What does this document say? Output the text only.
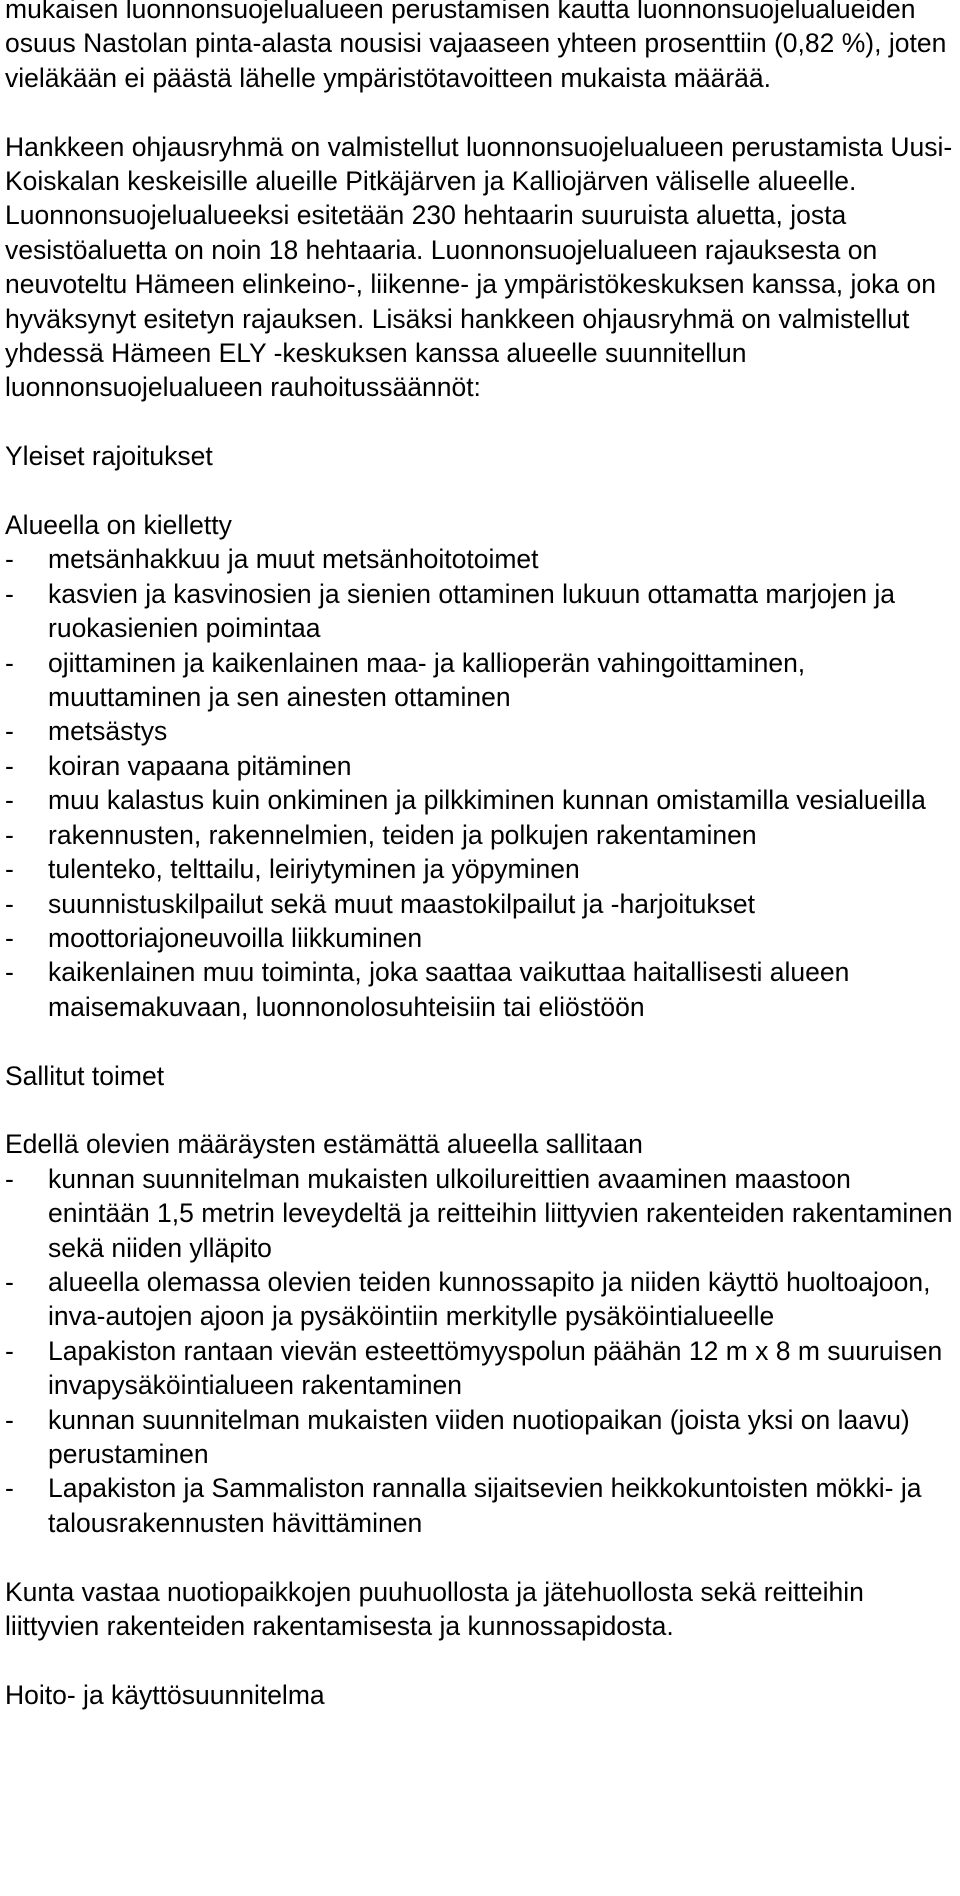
mukaisen luonnonsuojelualueen perustamisen kautta luonnonsuojelualueiden osuus Nastolan pinta-alasta nousisi vajaaseen yhteen prosenttiin (0,82 %), joten vieläkään ei päästä lähelle ympäristötavoitteen mukaista määrää.

Hankkeen ohjausryhmä on valmistellut luonnonsuojelualueen perustamista Uusi-Koiskalan keskeisille alueille Pitkäjärven ja Kalliojärven väliselle alueelle. Luonnonsuojelualueeksi esitetään 230 hehtaarin suuruista aluetta, josta vesistöaluetta on noin 18 hehtaaria. Luonnonsuojelualueen rajauksesta on neuvoteltu Hämeen elinkeino-, liikenne- ja ympäristökeskuksen kanssa, joka on hyväksynyt esitetyn rajauksen. Lisäksi hankkeen ohjausryhmä on valmistellut yhdessä Hämeen ELY -keskuksen kanssa alueelle suunnitellun luonnonsuojelualueen rauhoitussäännöt:

Yleiset rajoitukset

Alueella on kielletty

- metsänhakkuu ja muut metsänhoitotoimet
- kasvien ja kasvinosien ja sienien ottaminen lukuun ottamatta marjojen ja ruokasienien poimintaa
- ojittaminen ja kaikenlainen maa- ja kallioperän vahingoittaminen, muuttaminen ja sen ainesten ottaminen
- metsästys
- koiran vapaana pitäminen
- muu kalastus kuin onkiminen ja pilkkiminen kunnan omistamilla vesialueilla
- rakennusten, rakennelmien, teiden ja polkujen rakentaminen
- tulenteko, telttailu, leiriytyminen ja yöpyminen
- suunnistuskilpailut sekä muut maastokilpailut ja -harjoitukset
- moottoriajoneuvoilla liikkuminen
- kaikenlainen muu toiminta, joka saattaa vaikuttaa haitallisesti alueen maisemakuvaan, luonnonolosuhteisiin tai eliöstöön

Sallitut toimet

Edellä olevien määräysten estämättä alueella sallitaan

- kunnan suunnitelman mukaisten ulkoilureittien avaaminen maastoon enintään 1,5 metrin leveydeltä ja reitteihin liittyvien rakenteiden rakentaminen sekä niiden ylläpito
- alueella olemassa olevien teiden kunnossapito ja niiden käyttö huoltoajoon, inva-autojen ajoon ja pysäköintiin merkitylle pysäköintialueelle
- Lapakiston rantaan vievän esteettömyyspolun päähän 12 m x 8 m suuruisen invapysäköintialueen rakentaminen
- kunnan suunnitelman mukaisten viiden nuotiopaikan (joista yksi on laavu) perustaminen
- Lapakiston ja Sammaliston rannalla sijaitsevien heikkokuntoisten mökki- ja talousrakennusten hävittäminen

Kunta vastaa nuotiopaikkojen puuhuollosta ja jätehuollosta sekä reitteihin liittyvien rakenteiden rakentamisesta ja kunnossapidosta.

Hoito- ja käyttösuunnitelma
